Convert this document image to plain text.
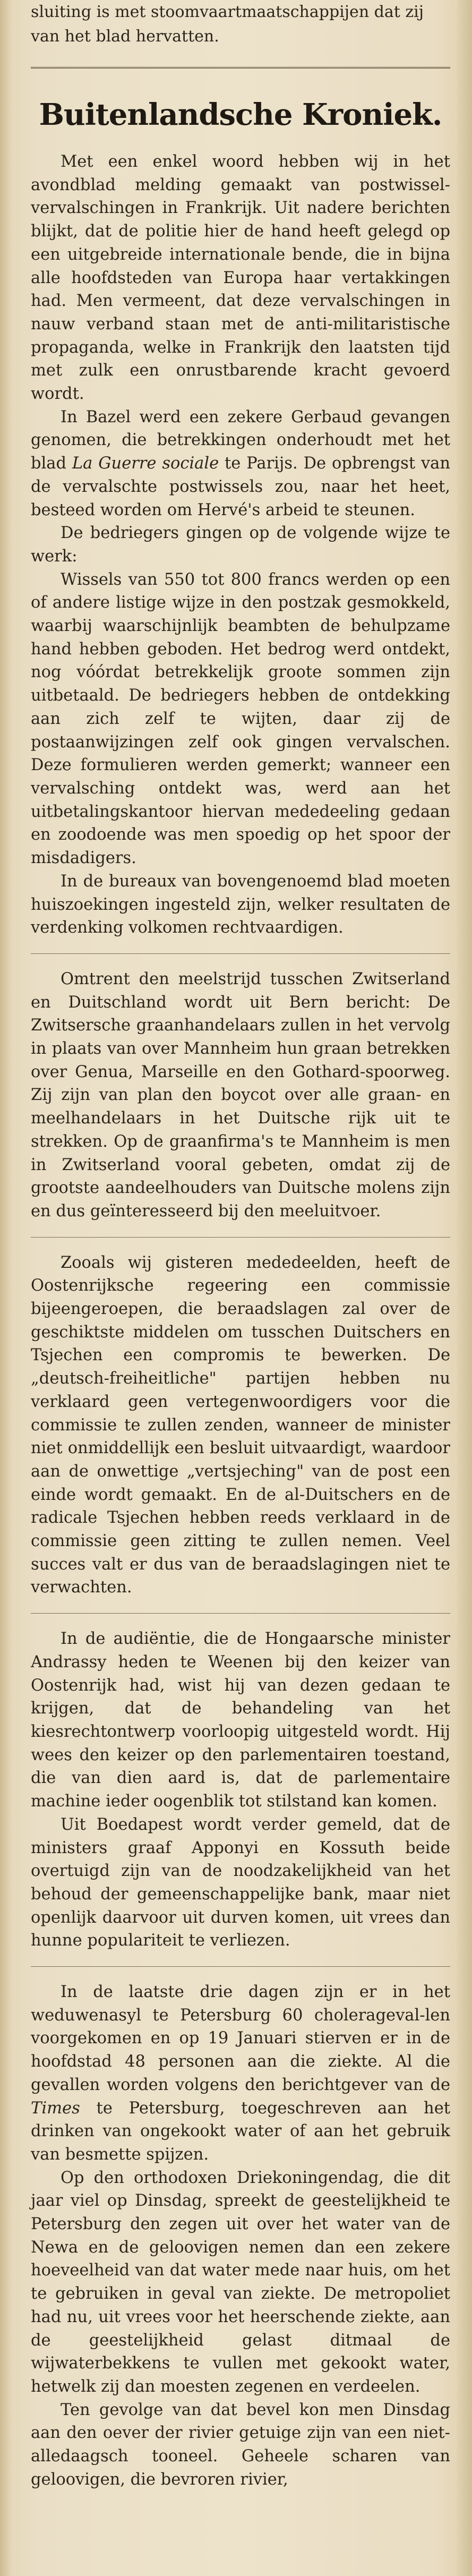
sluiting is met stoomvaartmaatschappijen dat zij
van het blad hervatten.
Buitenlandsche Kroniek.

Met een enkel woord hebben wij in het avondblad melding gemaakt van postwissel-vervalschingen in Frankrijk. Uit nadere berichten blijkt, dat de politie hier de hand heeft gelegd op een uitgebreide internationale bende, die in bijna alle hoofdsteden van Europa haar vertakkingen had. Men vermeent, dat deze vervalschingen in nauw verband staan met de anti-militaristische propaganda, welke in Frankrijk den laatsten tijd met zulk een onrustbarende kracht gevoerd wordt.

In Bazel werd een zekere Gerbaud gevangen genomen, die betrekkingen onderhoudt met het blad La Guerre sociale te Parijs. De opbrengst van de vervalschte postwissels zou, naar het heet, besteed worden om Hervé's arbeid te steunen.

De bedriegers gingen op de volgende wijze te werk:

Wissels van 550 tot 800 francs werden op een of andere listige wijze in den postzak gesmokkeld, waarbij waarschijnlijk beambten de behulpzame hand hebben geboden. Het bedrog werd ontdekt, nog vóórdat betrekkelijk groote sommen zijn uitbetaald. De bedriegers hebben de ontdekking aan zich zelf te wijten, daar zij de postaanwijzingen zelf ook gingen vervalschen. Deze formulieren werden gemerkt; wanneer een vervalsching ontdekt was, werd aan het uitbetalingskantoor hiervan mededeeling gedaan en zoodoende was men spoedig op het spoor der misdadigers.

In de bureaux van bovengenoemd blad moeten huiszoekingen ingesteld zijn, welker resultaten de verdenking volkomen rechtvaardigen.

Omtrent den meelstrijd tusschen Zwitserland en Duitschland wordt uit Bern bericht: De Zwitsersche graanhandelaars zullen in het vervolg in plaats van over Mannheim hun graan betrekken over Genua, Marseille en den Gothard-spoorweg. Zij zijn van plan den boycot over alle graan- en meelhandelaars in het Duitsche rijk uit te strekken. Op de graanfirma's te Mannheim is men in Zwitserland vooral gebeten, omdat zij de grootste aandeelhouders van Duitsche molens zijn en dus geïnteresseerd bij den meeluitvoer.

Zooals wij gisteren mededeelden, heeft de Oostenrijksche regeering een commissie bijeengeroepen, die beraadslagen zal over de geschiktste middelen om tusschen Duitschers en Tsjechen een compromis te bewerken. De „deutsch-freiheitliche" partijen hebben nu verklaard geen vertegenwoordigers voor die commissie te zullen zenden, wanneer de minister niet onmiddellijk een besluit uitvaardigt, waardoor aan de onwettige „vertsjeching" van de post een einde wordt gemaakt. En de al-Duitschers en de radicale Tsjechen hebben reeds verklaard in de commissie geen zitting te zullen nemen. Veel succes valt er dus van de beraadslagingen niet te verwachten.

In de audiëntie, die de Hongaarsche minister Andrassy heden te Weenen bij den keizer van Oostenrijk had, wist hij van dezen gedaan te krijgen, dat de behandeling van het kiesrechtontwerp voorloopig uitgesteld wordt. Hij wees den keizer op den parlementairen toestand, die van dien aard is, dat de parlementaire machine ieder oogenblik tot stilstand kan komen.

Uit Boedapest wordt verder gemeld, dat de ministers graaf Apponyi en Kossuth beide overtuigd zijn van de noodzakelijkheid van het behoud der gemeenschappelijke bank, maar niet openlijk daarvoor uit durven komen, uit vrees dan hunne populariteit te verliezen.

In de laatste drie dagen zijn er in het weduwenasyl te Petersburg 60 cholerageval-len voorgekomen en op 19 Januari stierven er in de hoofdstad 48 personen aan die ziekte. Al die gevallen worden volgens den berichtgever van de Times te Petersburg, toegeschreven aan het drinken van ongekookt water of aan het gebruik van besmette spijzen.

Op den orthodoxen Driekoningendag, die dit jaar viel op Dinsdag, spreekt de geestelijkheid te Petersburg den zegen uit over het water van de Newa en de geloovigen nemen dan een zekere hoeveelheid van dat water mede naar huis, om het te gebruiken in geval van ziekte. De metropoliet had nu, uit vrees voor het heerschende ziekte, aan de geestelijkheid gelast ditmaal de wijwaterbekkens te vullen met gekookt water, hetwelk zij dan moesten zegenen en verdeelen.

Ten gevolge van dat bevel kon men Dinsdag aan den oever der rivier getuige zijn van een niet-alledaagsch tooneel. Geheele scharen van geloovigen, die bevroren rivier,
